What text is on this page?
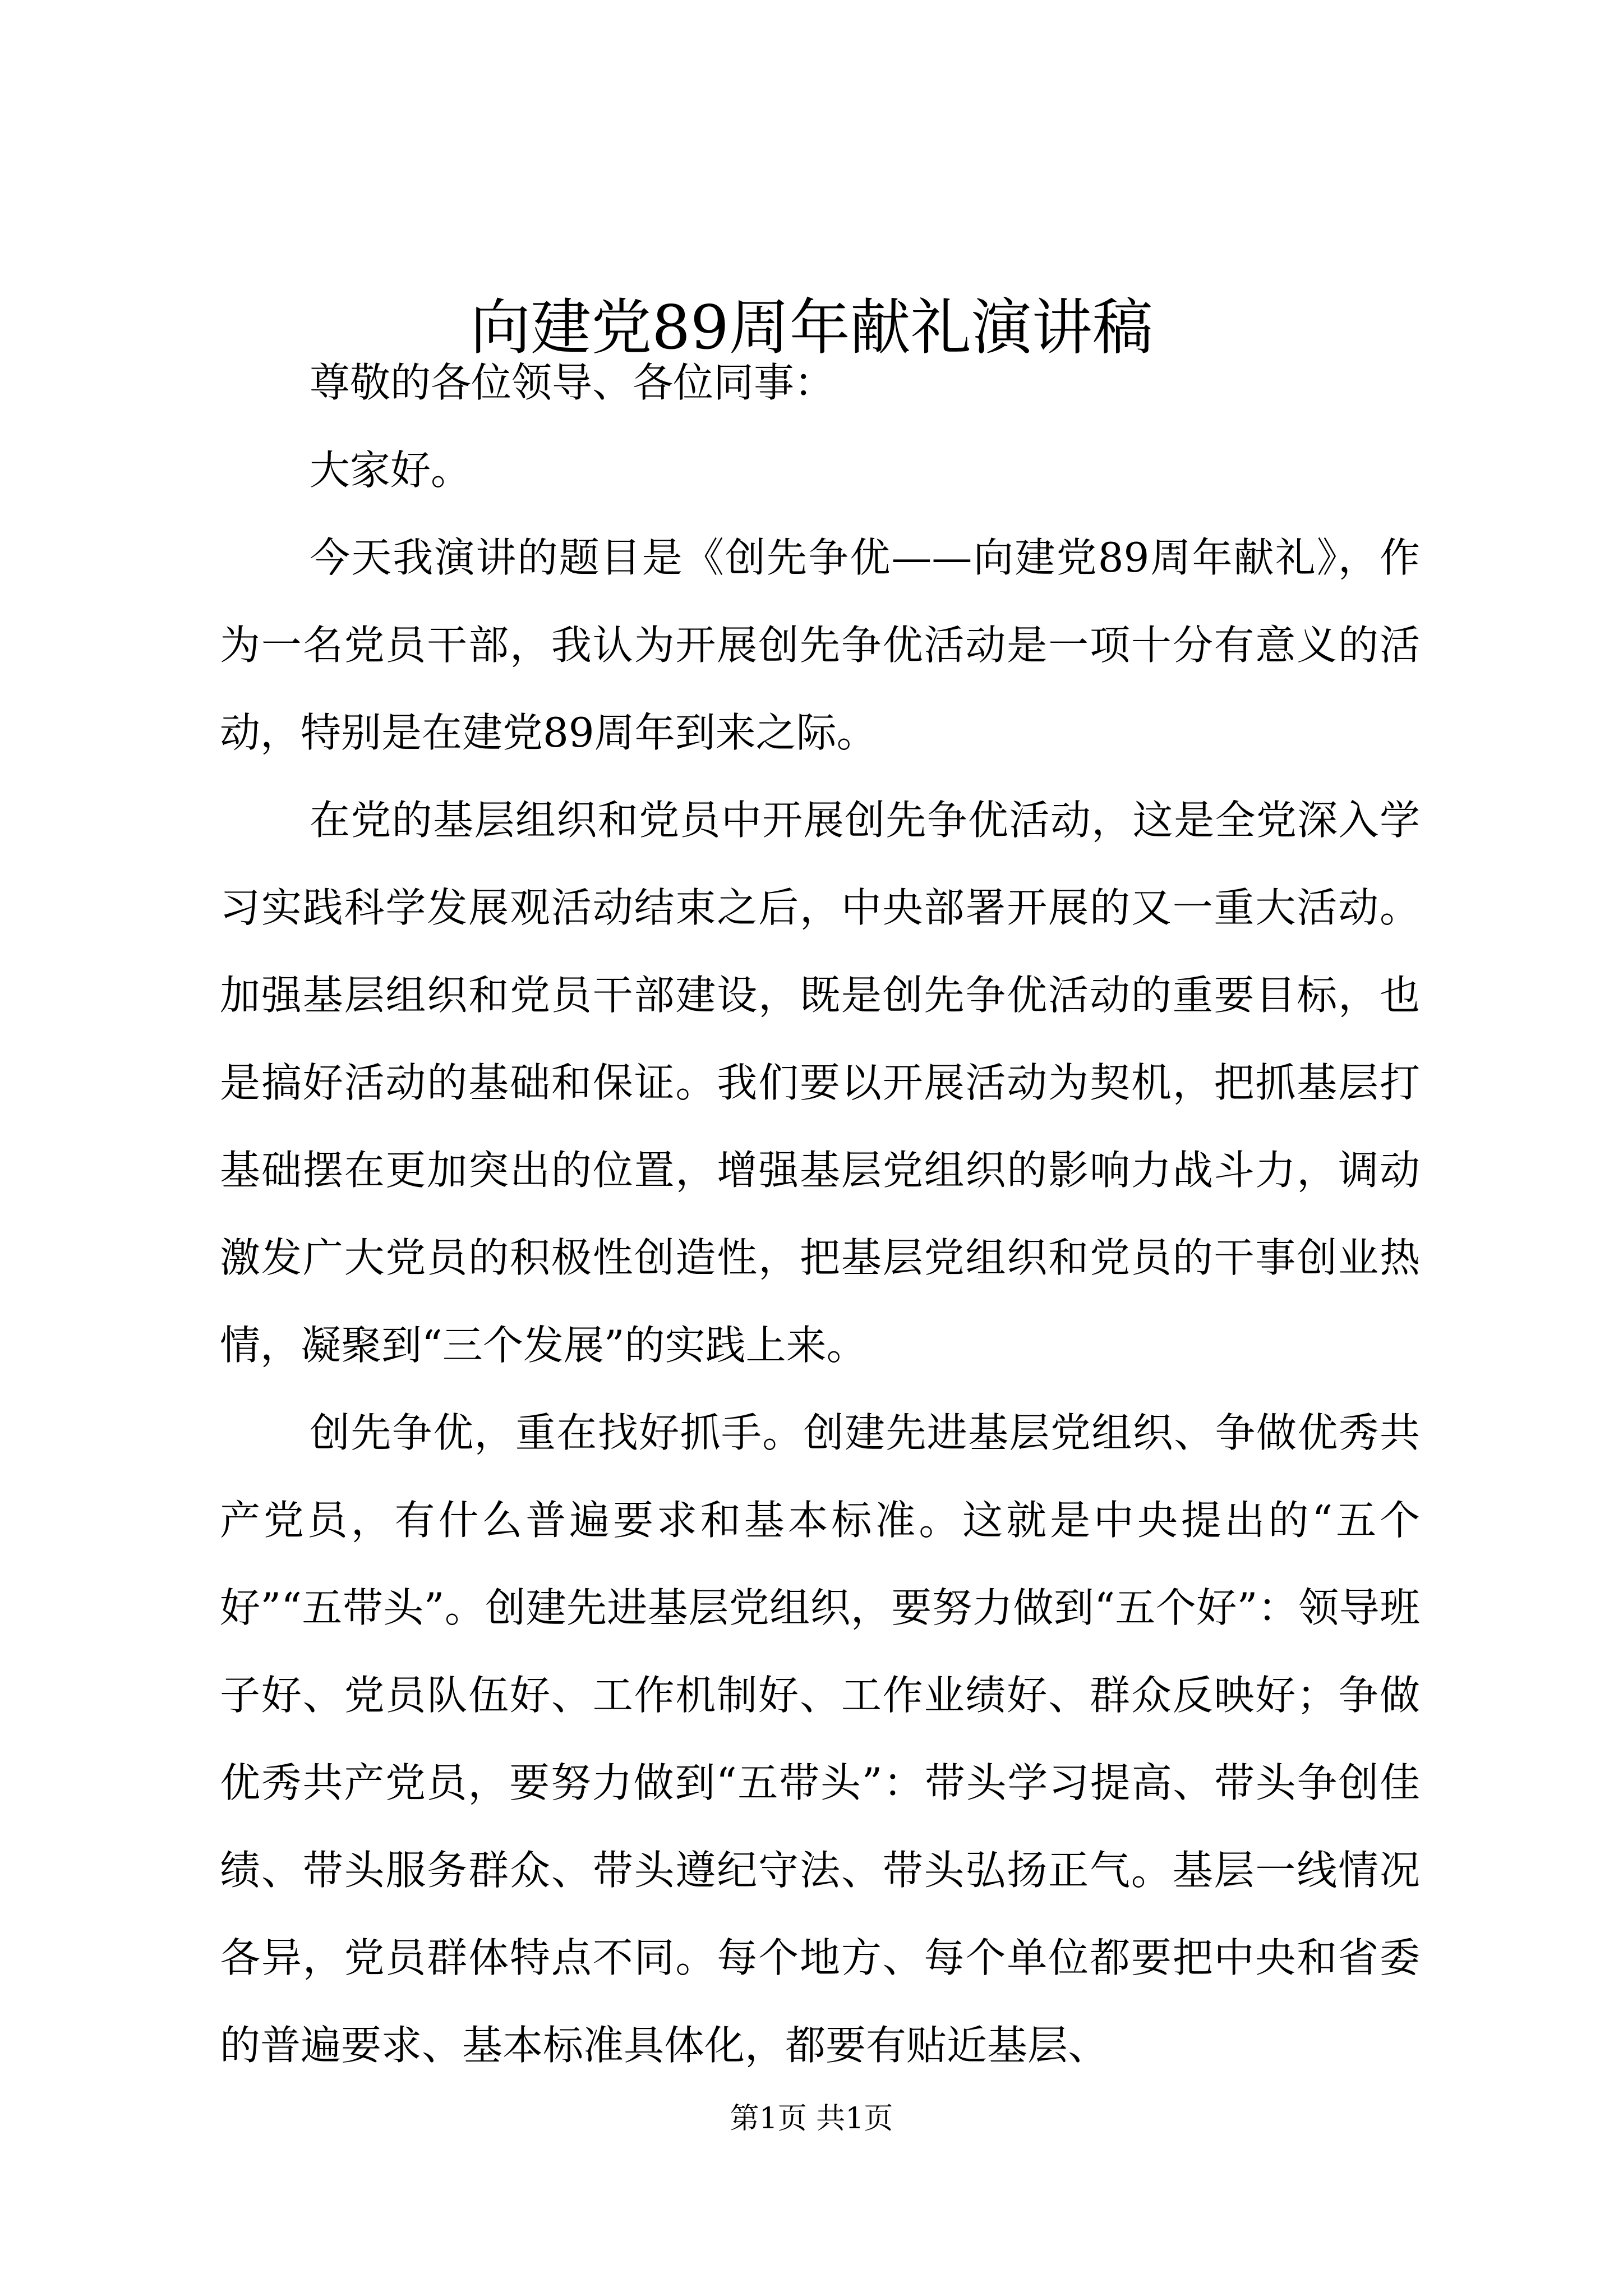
向建党89周年献礼演讲稿

尊敬的各位领导、各位同事：

大家好。

今天我演讲的题目是《创先争优——向建党89周年献礼》，作为一名党员干部，我认为开展创先争优活动是一项十分有意义的活动，特别是在建党89周年到来之际。

在党的基层组织和党员中开展创先争优活动，这是全党深入学习实践科学发展观活动结束之后，中央部署开展的又一重大活动。加强基层组织和党员干部建设，既是创先争优活动的重要目标，也是搞好活动的基础和保证。我们要以开展活动为契机，把抓基层打基础摆在更加突出的位置，增强基层党组织的影响力战斗力，调动激发广大党员的积极性创造性，把基层党组织和党员的干事创业热情，凝聚到“三个发展”的实践上来。

创先争优，重在找好抓手。创建先进基层党组织、争做优秀共产党员，有什么普遍要求和基本标准。这就是中央提出的“五个好”“五带头”。创建先进基层党组织，要努力做到“五个好”：领导班子好、党员队伍好、工作机制好、工作业绩好、群众反映好；争做优秀共产党员，要努力做到“五带头”：带头学习提高、带头争创佳绩、带头服务群众、带头遵纪守法、带头弘扬正气。基层一线情况各异，党员群体特点不同。每个地方、每个单位都要把中央和省委的普遍要求、基本标准具体化，都要有贴近基层、

第1页 共1页
